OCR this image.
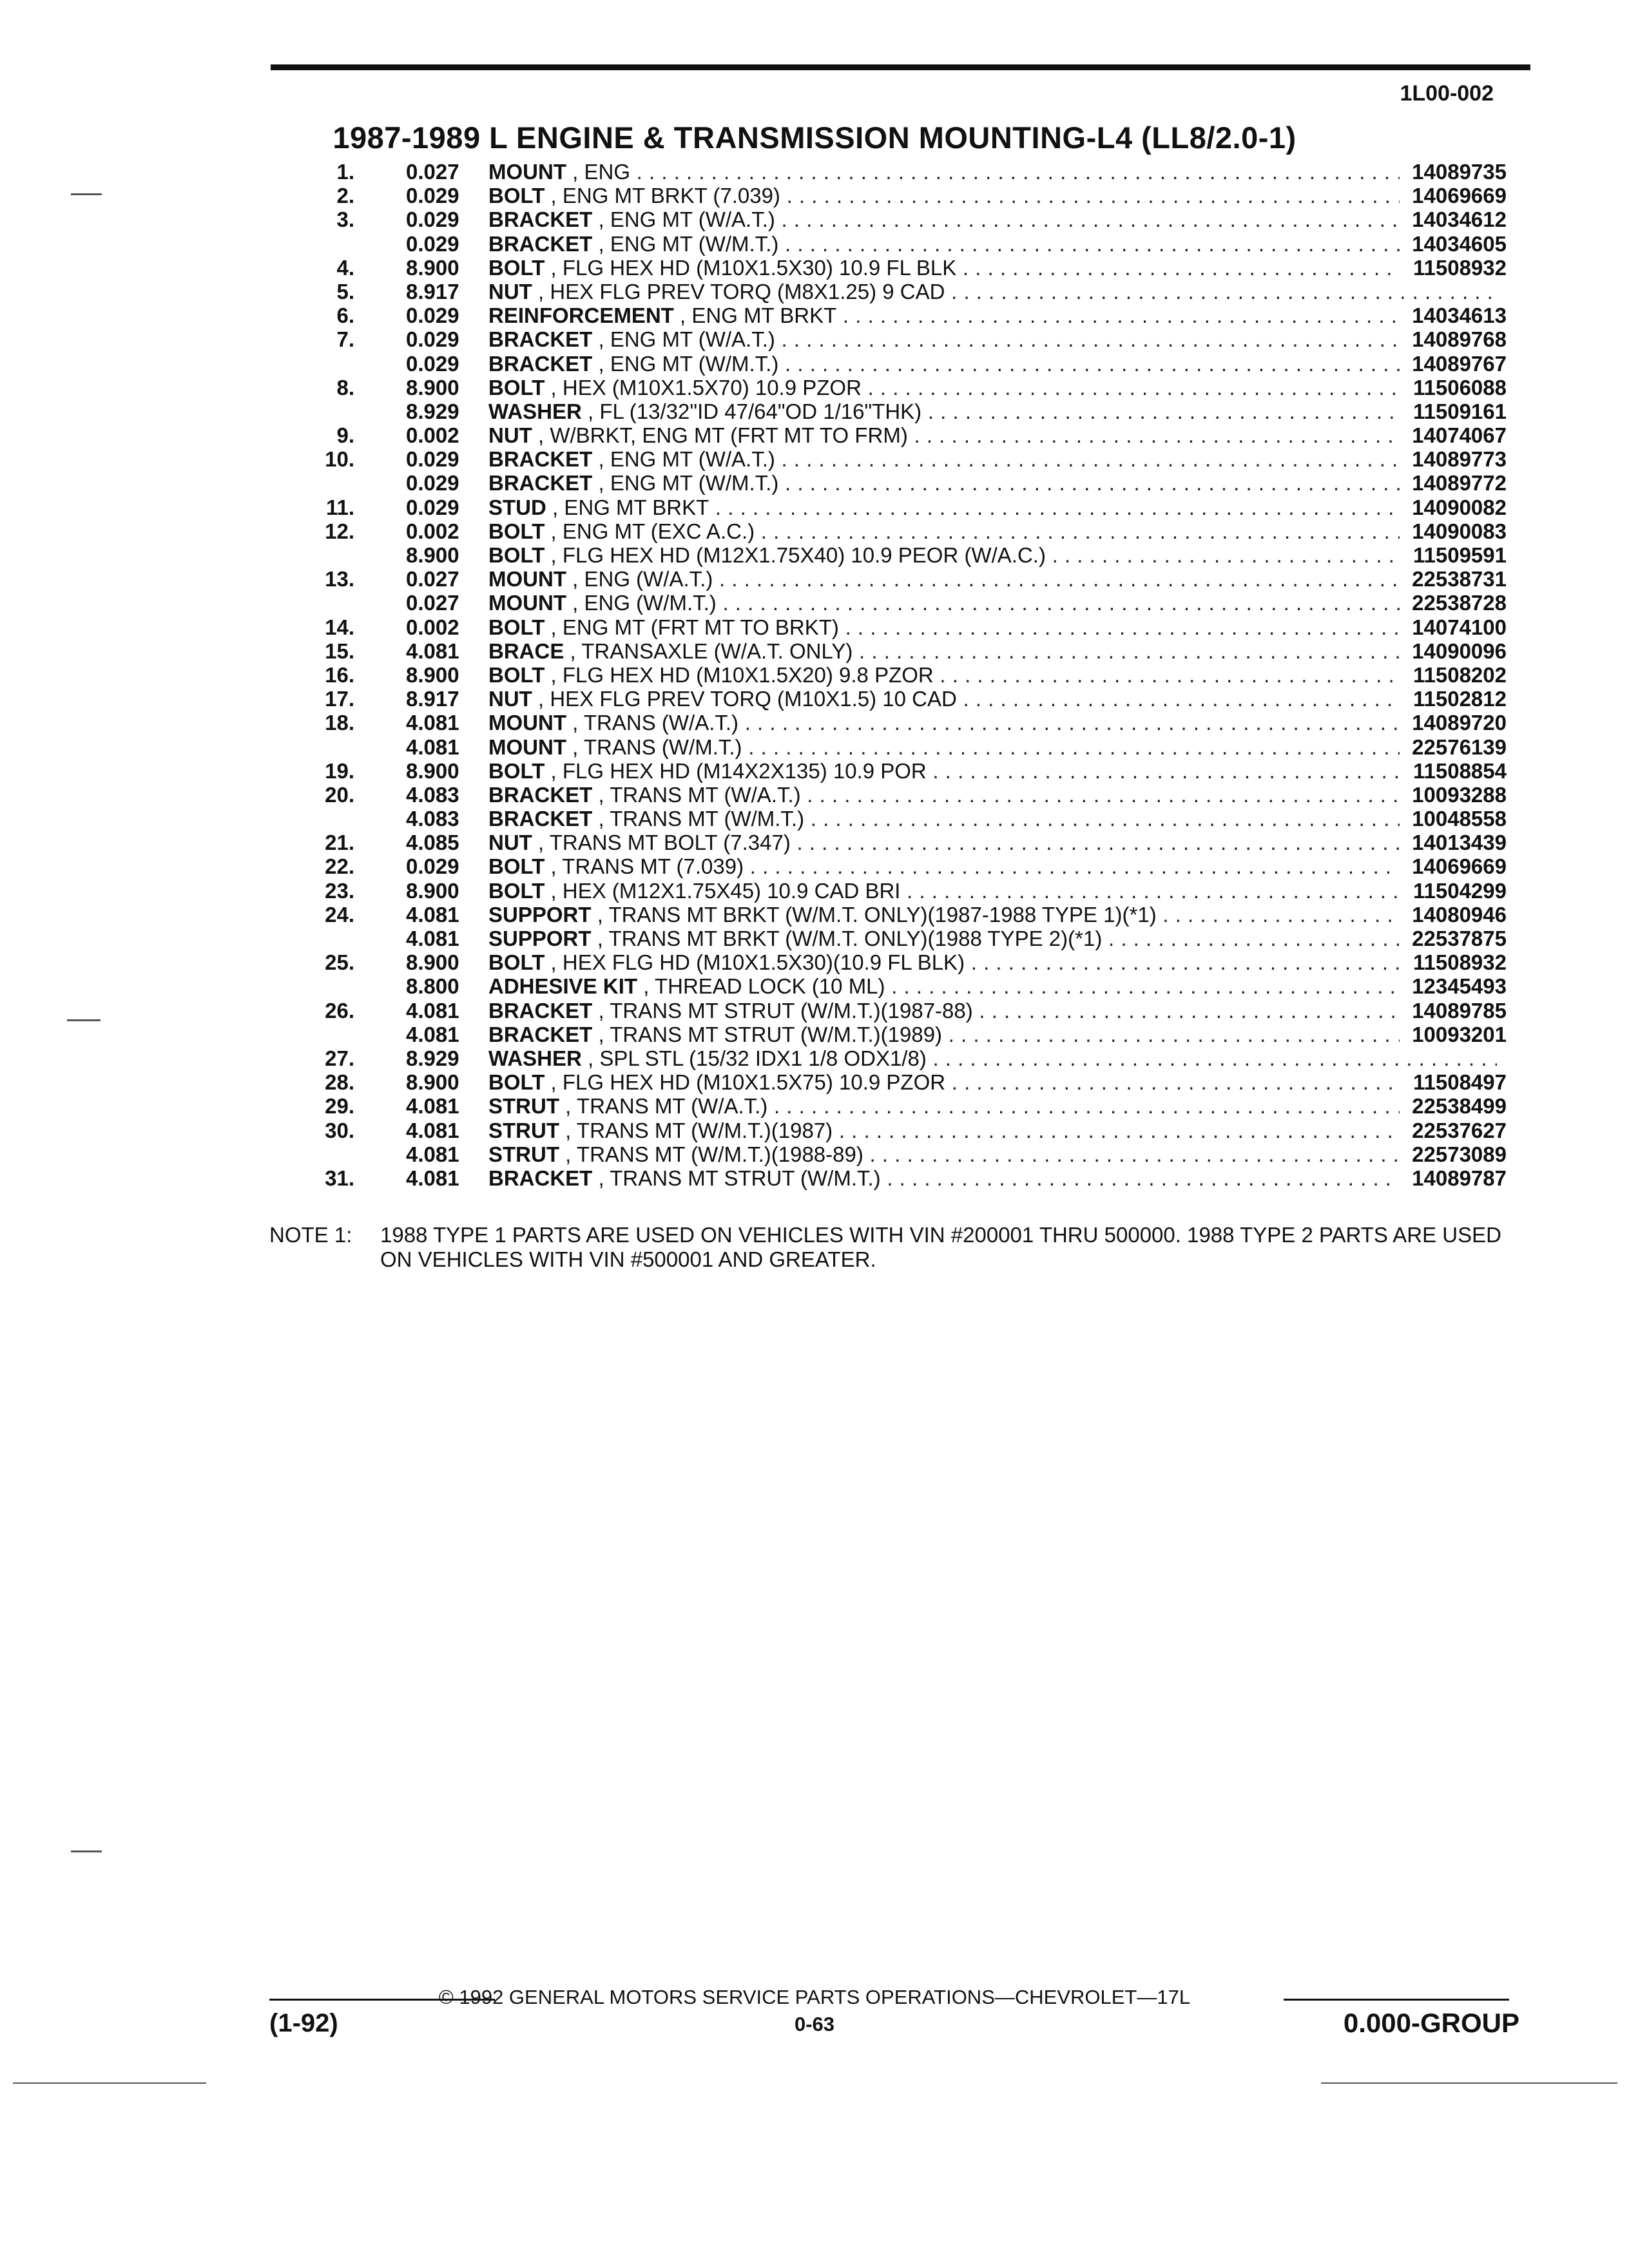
1L00-002
1987-1989 L ENGINE & TRANSMISSION MOUNTING-L4 (LL8/2.0-1)
1. 0.027 MOUNT , ENG . . .	14089735
2. 0.029 BOLT , ENG MT BRKT (7.039) . . .	14069669
3. 0.029 BRACKET , ENG MT (W/A.T.) . . .	14034612
0.029 BRACKET , ENG MT (W/M.T.) . . .	14034605
4. 8.900 BOLT , FLG HEX HD (M10X1.5X30) 10.9 FL BLK . . .	11508932
5. 8.917 NUT , HEX FLG PREV TORQ (M8X1.25) 9 CAD . . .
6. 0.029 REINFORCEMENT , ENG MT BRKT . . .	14034613
7. 0.029 BRACKET , ENG MT (W/A.T.) . . .	14089768
0.029 BRACKET , ENG MT (W/M.T.) . . .	14089767
8. 8.900 BOLT , HEX (M10X1.5X70) 10.9 PZOR . . .	11506088
8.929 WASHER , FL (13/32"ID 47/64"OD 1/16"THK) . . .	11509161
9. 0.002 NUT , W/BRKT, ENG MT (FRT MT TO FRM) . . .	14074067
10. 0.029 BRACKET , ENG MT (W/A.T.) . . .	14089773
0.029 BRACKET , ENG MT (W/M.T.) . . .	14089772
11. 0.029 STUD , ENG MT BRKT . . .	14090082
12. 0.002 BOLT , ENG MT (EXC A.C.) . . .	14090083
8.900 BOLT , FLG HEX HD (M12X1.75X40) 10.9 PEOR (W/A.C.) . . .	11509591
13. 0.027 MOUNT , ENG (W/A.T.) . . .	22538731
0.027 MOUNT , ENG (W/M.T.) . . .	22538728
14. 0.002 BOLT , ENG MT (FRT MT TO BRKT) . . .	14074100
15. 4.081 BRACE , TRANSAXLE (W/A.T. ONLY) . . .	14090096
16. 8.900 BOLT , FLG HEX HD (M10X1.5X20) 9.8 PZOR . . .	11508202
17. 8.917 NUT , HEX FLG PREV TORQ (M10X1.5) 10 CAD . . .	11502812
18. 4.081 MOUNT , TRANS (W/A.T.) . . .	14089720
4.081 MOUNT , TRANS (W/M.T.) . . .	22576139
19. 8.900 BOLT , FLG HEX HD (M14X2X135) 10.9 POR . . .	11508854
20. 4.083 BRACKET , TRANS MT (W/A.T.) . . .	10093288
4.083 BRACKET , TRANS MT (W/M.T.) . . .	10048558
21. 4.085 NUT , TRANS MT BOLT (7.347) . . .	14013439
22. 0.029 BOLT , TRANS MT (7.039) . . .	14069669
23. 8.900 BOLT , HEX (M12X1.75X45) 10.9 CAD BRI . . .	11504299
24. 4.081 SUPPORT , TRANS MT BRKT (W/M.T. ONLY)(1987-1988 TYPE 1)(*1) . . .	14080946
4.081 SUPPORT , TRANS MT BRKT (W/M.T. ONLY)(1988 TYPE 2)(*1) . . .	22537875
25. 8.900 BOLT , HEX FLG HD (M10X1.5X30)(10.9 FL BLK) . . .	11508932
8.800 ADHESIVE KIT , THREAD LOCK (10 ML) . . .	12345493
26. 4.081 BRACKET , TRANS MT STRUT (W/M.T.)(1987-88) . . .	14089785
4.081 BRACKET , TRANS MT STRUT (W/M.T.)(1989) . . .	10093201
27. 8.929 WASHER , SPL STL (15/32 IDX1 1/8 ODX1/8) . . .
28. 8.900 BOLT , FLG HEX HD (M10X1.5X75) 10.9 PZOR . . .	11508497
29. 4.081 STRUT , TRANS MT (W/A.T.) . . .	22538499
30. 4.081 STRUT , TRANS MT (W/M.T.)(1987) . . .	22537627
4.081 STRUT , TRANS MT (W/M.T.)(1988-89) . . .	22573089
31. 4.081 BRACKET , TRANS MT STRUT (W/M.T.) . . .	14089787
NOTE 1: 1988 TYPE 1 PARTS ARE USED ON VEHICLES WITH VIN #200001 THRU 500000. 1988 TYPE 2 PARTS ARE USED ON VEHICLES WITH VIN #500001 AND GREATER.
© 1992 GENERAL MOTORS SERVICE PARTS OPERATIONS—CHEVROLET—17L
(1-92)	0-63	0.000-GROUP
